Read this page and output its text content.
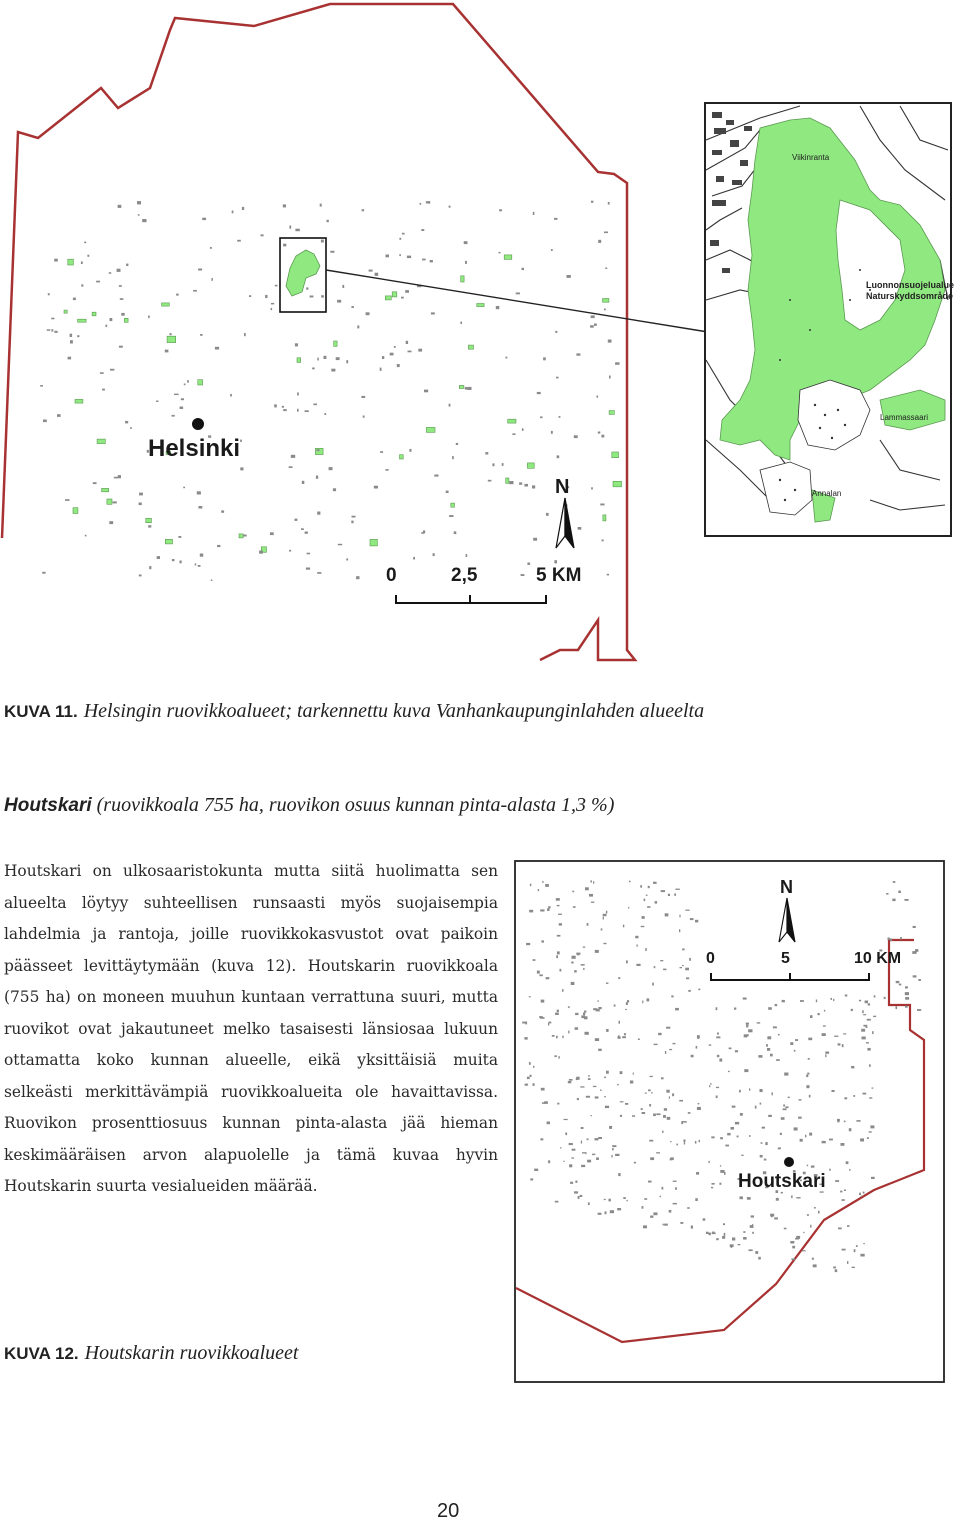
Helsinki
N
0	2,5	5 KM
Luonnonsuojelualue
Naturskyddsområde
Viikinranta
Lammassaari
Annalan
KUVA 11. Helsingin ruovikkoalueet; tarkennettu kuva Vanhankaupunginlahden alueelta
Houtskari (ruovikkoala 755 ha, ruovikon osuus kunnan pinta-alasta 1,3 %)

Houtskari on ulkosaaristokunta mutta siitä huolimatta sen alueelta löytyy suhteellisen runsaasti myös suojaisempia lahdelmia ja rantoja, joille ruovikkokasvustot ovat paikoin päässeet levittäytymään (kuva 12). Houtskarin ruovikkoala (755 ha) on moneen muuhun kuntaan verrattuna suuri, mutta ruovikot ovat jakautuneet melko tasaisesti länsiosaa lukuun ottamatta koko kunnan alueelle, eikä yksittäisiä muita selkeästi merkittävämpiä ruovikkoalueita ole havaittavissa. Ruovikon prosenttiosuus kunnan pinta-alasta jää hieman keskimääräisen arvon alapuolelle ja tämä kuvaa hyvin Houtskarin suurta vesialueiden määrää.

N
0	5	10 KM
Houtskari
KUVA 12. Houtskarin ruovikkoalueet
20
